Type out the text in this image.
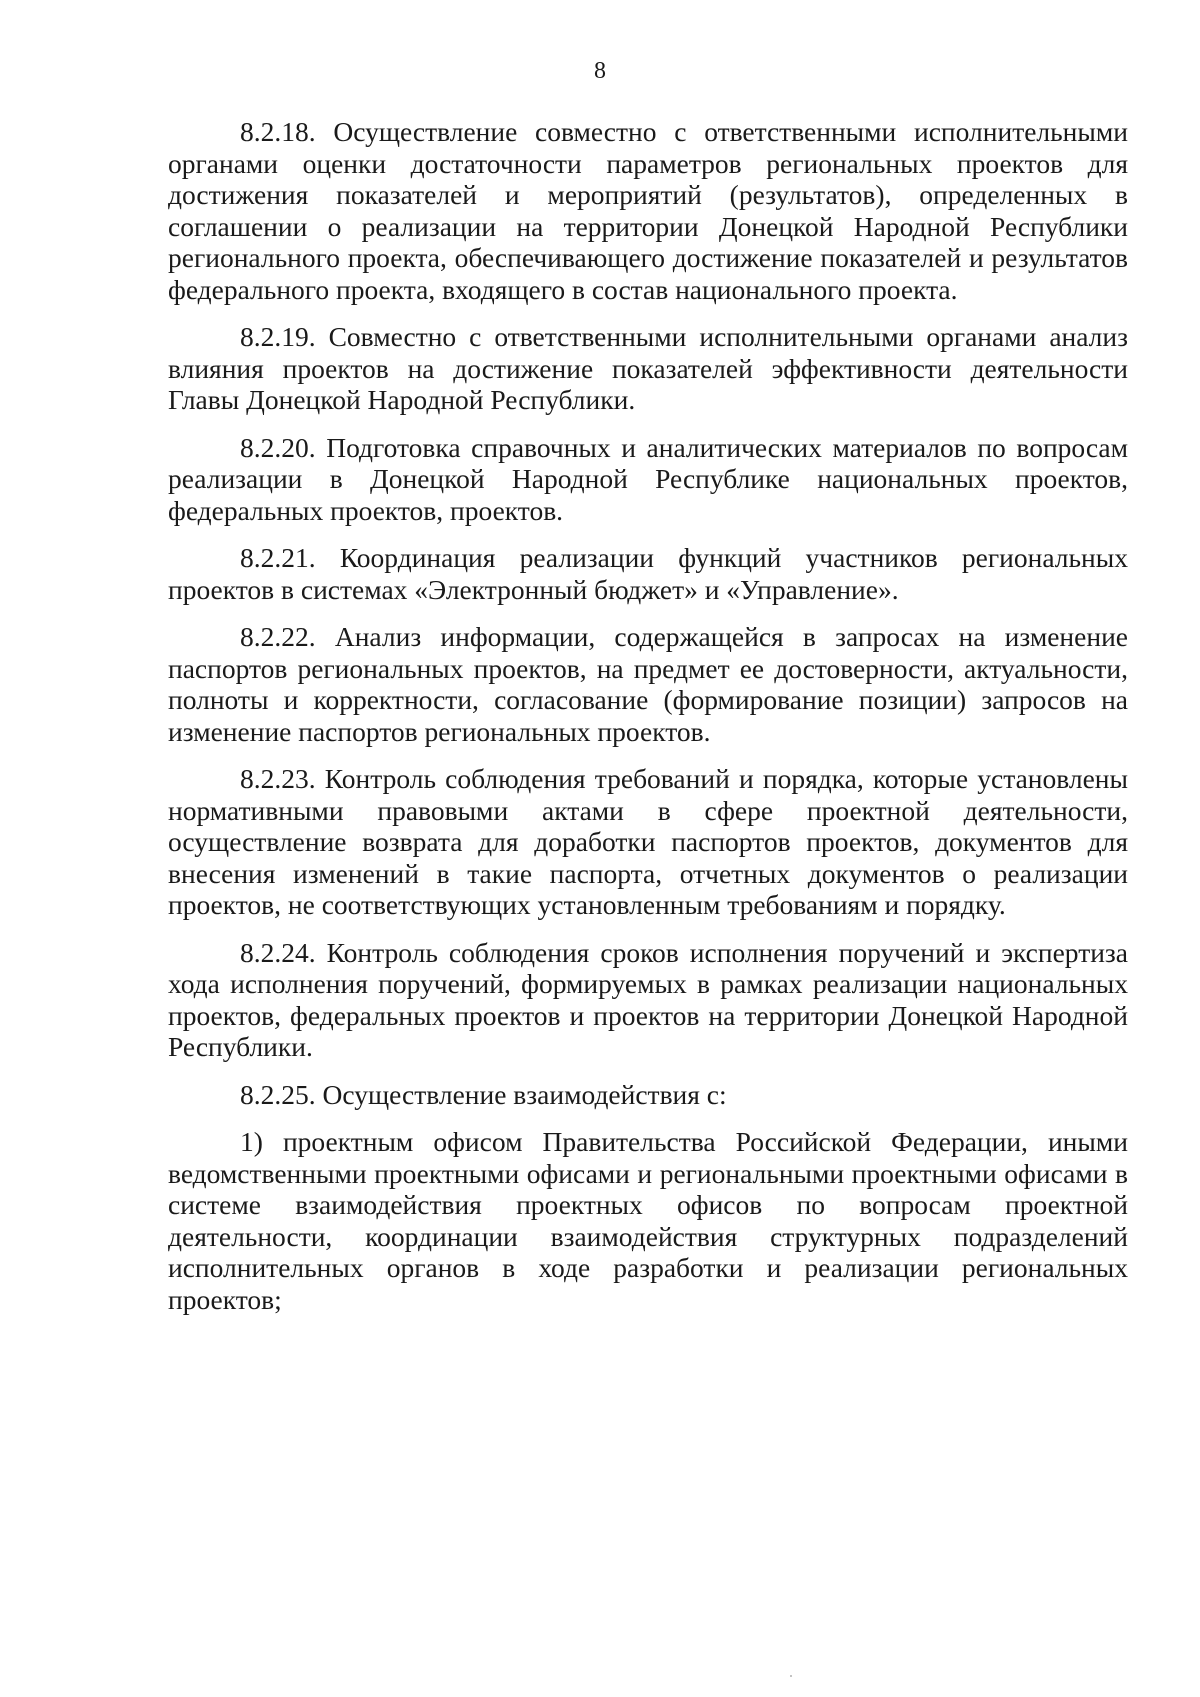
8

8.2.18. Осуществление совместно с ответственными исполнительными органами оценки достаточности параметров региональных проектов для достижения показателей и мероприятий (результатов), определенных в соглашении о реализации на территории Донецкой Народной Республики регионального проекта, обеспечивающего достижение показателей и результатов федерального проекта, входящего в состав национального проекта.

8.2.19. Совместно с ответственными исполнительными органами анализ влияния проектов на достижение показателей эффективности деятельности Главы Донецкой Народной Республики.

8.2.20. Подготовка справочных и аналитических материалов по вопросам реализации в Донецкой Народной Республике национальных проектов, федеральных проектов, проектов.

8.2.21. Координация реализации функций участников региональных проектов в системах «Электронный бюджет» и «Управление».

8.2.22. Анализ информации, содержащейся в запросах на изменение паспортов региональных проектов, на предмет ее достоверности, актуальности, полноты и корректности, согласование (формирование позиции) запросов на изменение паспортов региональных проектов.

8.2.23. Контроль соблюдения требований и порядка, которые установлены нормативными правовыми актами в сфере проектной деятельности, осуществление возврата для доработки паспортов проектов, документов для внесения изменений в такие паспорта, отчетных документов о реализации проектов, не соответствующих установленным требованиям и порядку.

8.2.24. Контроль соблюдения сроков исполнения поручений и экспертиза хода исполнения поручений, формируемых в рамках реализации национальных проектов, федеральных проектов и проектов на территории Донецкой Народной Республики.

8.2.25. Осуществление взаимодействия с:

1) проектным офисом Правительства Российской Федерации, иными ведомственными проектными офисами и региональными проектными офисами в системе взаимодействия проектных офисов по вопросам проектной деятельности, координации взаимодействия структурных подразделений исполнительных органов в ходе разработки и реализации региональных проектов;
